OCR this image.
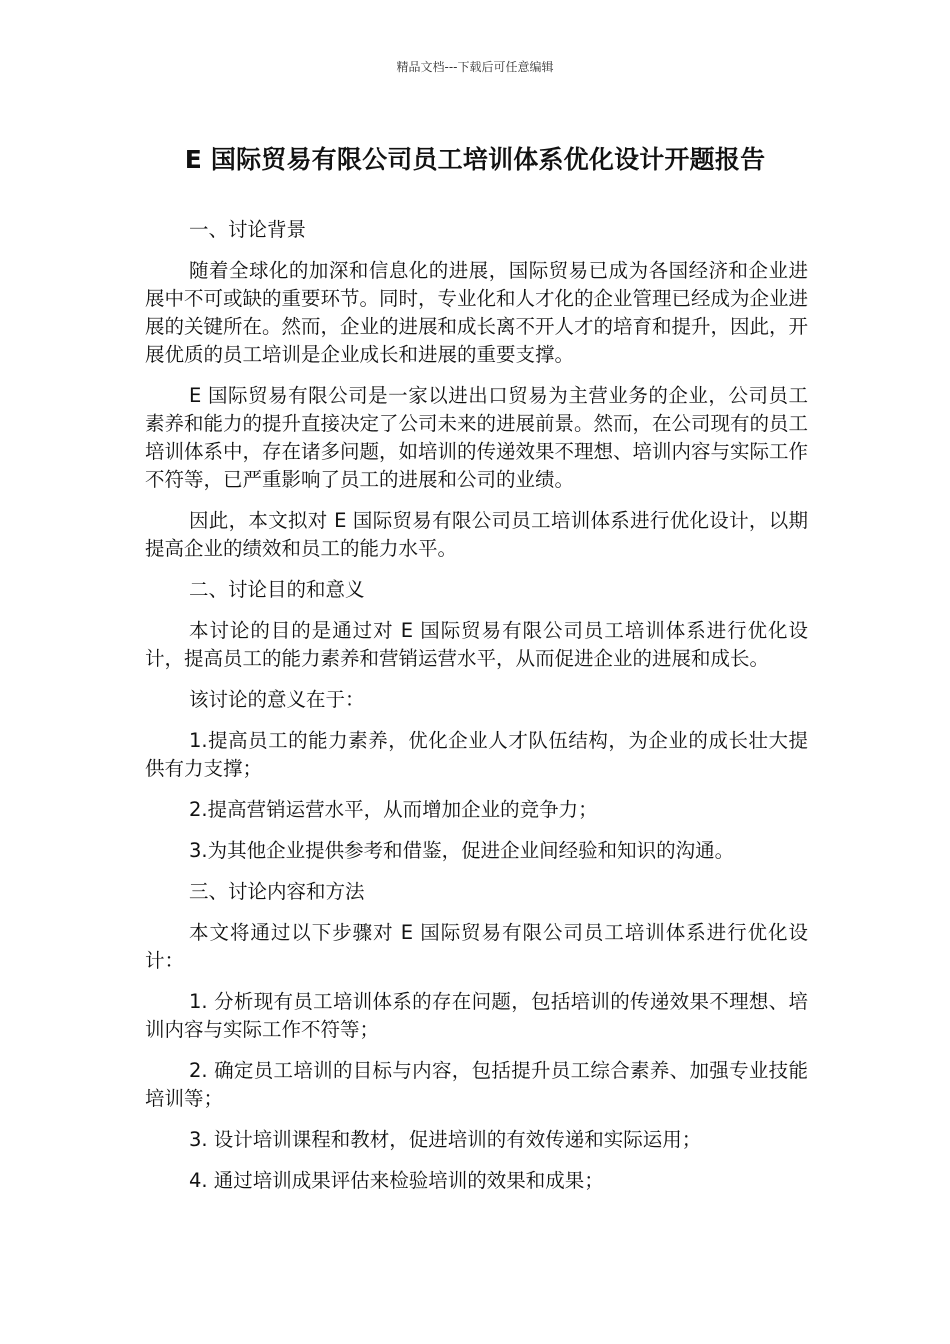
精品文档---下载后可任意编辑
E 国际贸易有限公司员工培训体系优化设计开题报告

一、讨论背景

随着全球化的加深和信息化的进展，国际贸易已成为各国经济和企业进展中不可或缺的重要环节。同时，专业化和人才化的企业管理已经成为企业进展的关键所在。然而，企业的进展和成长离不开人才的培育和提升，因此，开展优质的员工培训是企业成长和进展的重要支撑。

E 国际贸易有限公司是一家以进出口贸易为主营业务的企业，公司员工素养和能力的提升直接决定了公司未来的进展前景。然而，在公司现有的员工培训体系中，存在诸多问题，如培训的传递效果不理想、培训内容与实际工作不符等，已严重影响了员工的进展和公司的业绩。

因此，本文拟对 E 国际贸易有限公司员工培训体系进行优化设计，以期提高企业的绩效和员工的能力水平。

二、讨论目的和意义

本讨论的目的是通过对 E 国际贸易有限公司员工培训体系进行优化设计，提高员工的能力素养和营销运营水平，从而促进企业的进展和成长。

该讨论的意义在于：

1.提高员工的能力素养，优化企业人才队伍结构，为企业的成长壮大提供有力支撑；

2.提高营销运营水平，从而增加企业的竞争力；

3.为其他企业提供参考和借鉴，促进企业间经验和知识的沟通。

三、讨论内容和方法

本文将通过以下步骤对 E 国际贸易有限公司员工培训体系进行优化设计：

1. 分析现有员工培训体系的存在问题，包括培训的传递效果不理想、培训内容与实际工作不符等；

2. 确定员工培训的目标与内容，包括提升员工综合素养、加强专业技能培训等；

3. 设计培训课程和教材，促进培训的有效传递和实际运用；

4. 通过培训成果评估来检验培训的效果和成果；
